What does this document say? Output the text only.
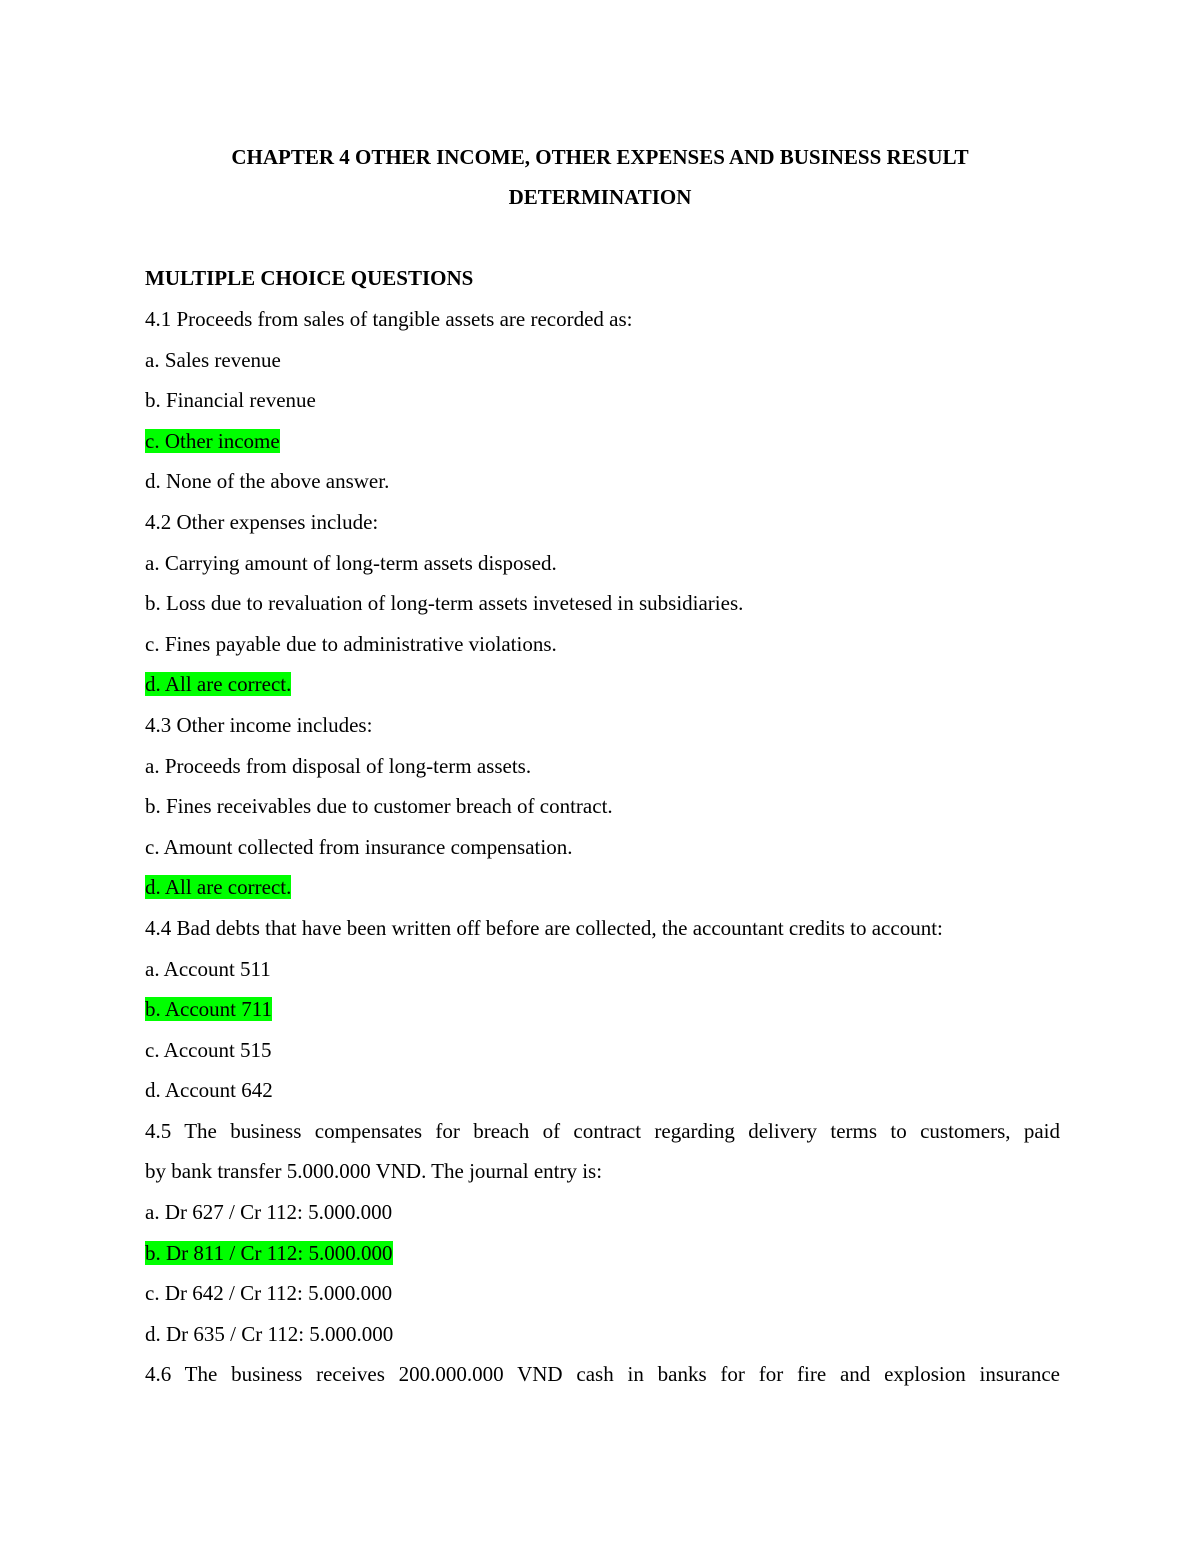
CHAPTER 4 OTHER INCOME, OTHER EXPENSES AND BUSINESS RESULT
DETERMINATION
MULTIPLE CHOICE QUESTIONS
4.1 Proceeds from sales of tangible assets are recorded as:
a. Sales revenue
b. Financial revenue
c. Other income
d. None of the above answer.
4.2 Other expenses include:
a. Carrying amount of long-term assets disposed.
b. Loss due to revaluation of long-term assets invetesed in subsidiaries.
c. Fines payable due to administrative violations.
d. All are correct.
4.3 Other income includes:
a. Proceeds from disposal of long-term assets.
b. Fines receivables due to customer breach of contract.
c. Amount collected from insurance compensation.
d. All are correct.
4.4 Bad debts that have been written off before are collected, the accountant credits to account:
a. Account 511
b. Account 711
c. Account 515
d. Account 642
4.5 The business compensates for breach of contract regarding delivery terms to customers, paid
by bank transfer 5.000.000 VND. The journal entry is:
a. Dr 627 / Cr 112: 5.000.000
b. Dr 811 / Cr 112: 5.000.000
c. Dr 642 / Cr 112: 5.000.000
d. Dr 635 / Cr 112: 5.000.000
4.6 The business receives 200.000.000 VND cash in banks for for fire and explosion insurance
